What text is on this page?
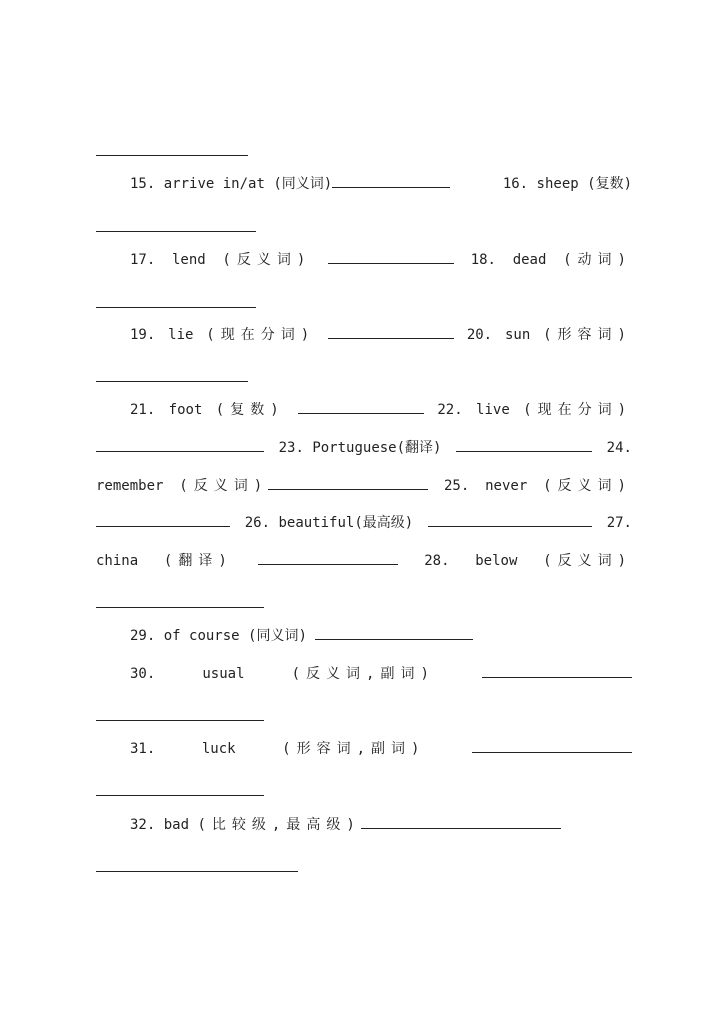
15. arrive in/at (同义词)	16. sheep (复数)
17. lend (反义词)	18. dead (动词)
19. lie (现在分词)	20. sun (形容词)
21. foot (复数)	22. live (现在分词)
23. Portuguese(翻译)	24.
remember (反义词)	25. never (反义词)
26. beautiful(最高级)	27.
china (翻译)	28. below (反义词)
29. of course (同义词)
30.	usual	(反义词,副词)
31.	luck	(形容词,副词)
32. bad (比较级,最高级)
